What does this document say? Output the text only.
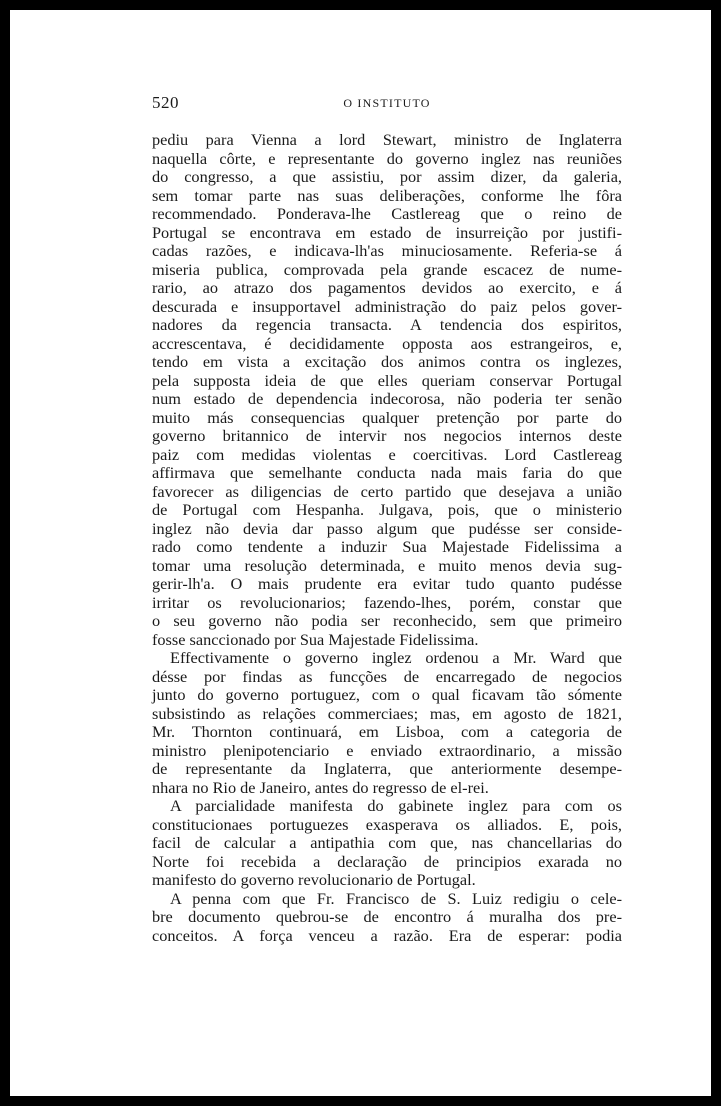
520	O INSTITUTO
pediu para Vienna a lord Stewart, ministro de Inglaterra
naquella côrte, e representante do governo inglez nas reuniões
do congresso, a que assistiu, por assim dizer, da galeria,
sem tomar parte nas suas deliberações, conforme lhe fôra
recommendado. Ponderava-lhe Castlereag que o reino de
Portugal se encontrava em estado de insurreição por justifi-
cadas razões, e indicava-lh'as minuciosamente. Referia-se á
miseria publica, comprovada pela grande escacez de nume-
rario, ao atrazo dos pagamentos devidos ao exercito, e á
descurada e insupportavel administração do paiz pelos gover-
nadores da regencia transacta. A tendencia dos espiritos,
accrescentava, é decididamente opposta aos estrangeiros, e,
tendo em vista a excitação dos animos contra os inglezes,
pela supposta ideia de que elles queriam conservar Portugal
num estado de dependencia indecorosa, não poderia ter senão
muito más consequencias qualquer pretenção por parte do
governo britannico de intervir nos negocios internos deste
paiz com medidas violentas e coercitivas. Lord Castlereag
affirmava que semelhante conducta nada mais faria do que
favorecer as diligencias de certo partido que desejava a união
de Portugal com Hespanha. Julgava, pois, que o ministerio
inglez não devia dar passo algum que pudésse ser conside-
rado como tendente a induzir Sua Majestade Fidelissima a
tomar uma resolução determinada, e muito menos devia sug-
gerir-lh'a. O mais prudente era evitar tudo quanto pudésse
irritar os revolucionarios; fazendo-lhes, porém, constar que
o seu governo não podia ser reconhecido, sem que primeiro
fosse sanccionado por Sua Majestade Fidelissima.
Effectivamente o governo inglez ordenou a Mr. Ward que
désse por findas as funcções de encarregado de negocios
junto do governo portuguez, com o qual ficavam tão sómente
subsistindo as relações commerciaes; mas, em agosto de 1821,
Mr. Thornton continuará, em Lisboa, com a categoria de
ministro plenipotenciario e enviado extraordinario, a missão
de representante da Inglaterra, que anteriormente desempe-
nhara no Rio de Janeiro, antes do regresso de el-rei.
A parcialidade manifesta do gabinete inglez para com os
constitucionaes portuguezes exasperava os alliados. E, pois,
facil de calcular a antipathia com que, nas chancellarias do
Norte foi recebida a declaração de principios exarada no
manifesto do governo revolucionario de Portugal.
A penna com que Fr. Francisco de S. Luiz redigiu o cele-
bre documento quebrou-se de encontro á muralha dos pre-
conceitos. A força venceu a razão. Era de esperar: podia
